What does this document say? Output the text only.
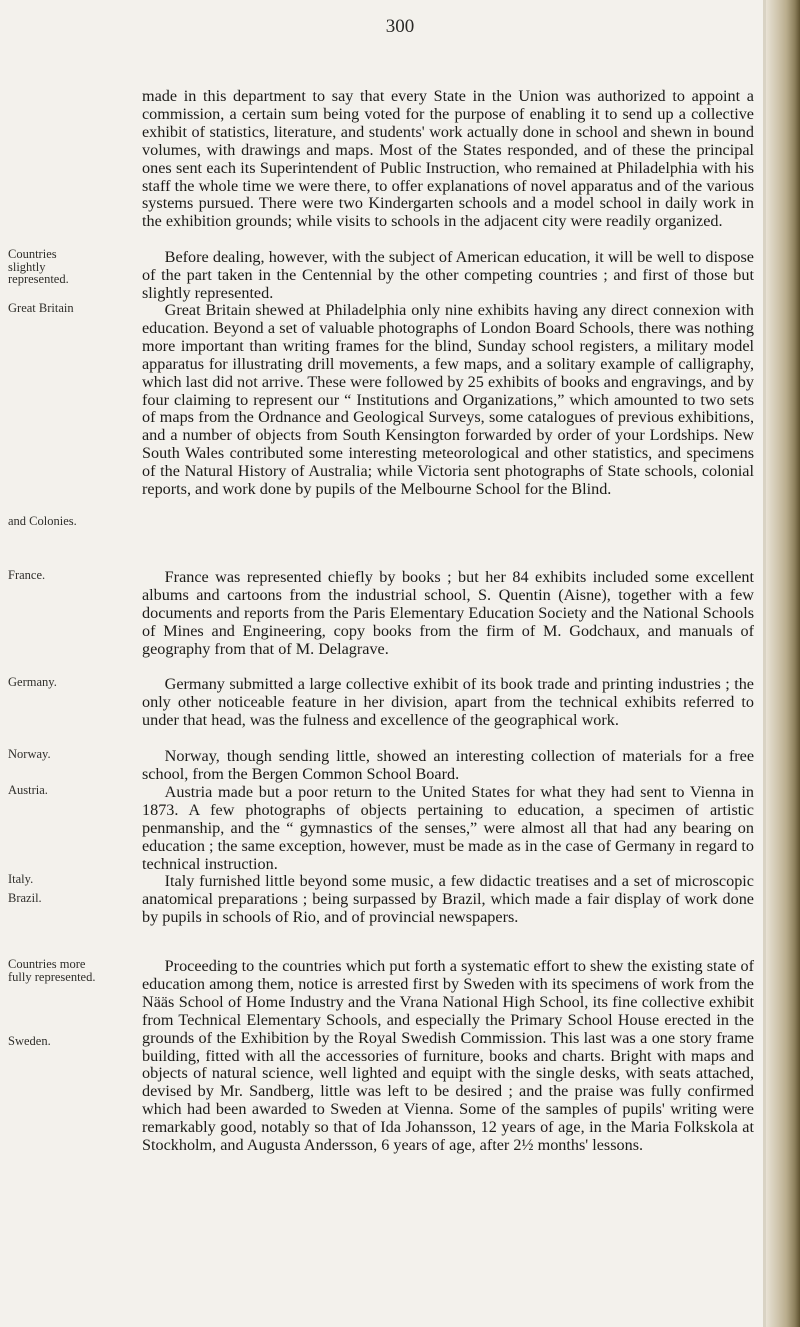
300

made in this department to say that every State in the Union was authorized to appoint a commission, a certain sum being voted for the purpose of enabling it to send up a collective exhibit of statistics, literature, and students' work actually done in school and shewn in bound volumes, with drawings and maps. Most of the States responded, and of these the principal ones sent each its Superintendent of Public Instruction, who remained at Philadelphia with his staff the whole time we were there, to offer explanations of novel apparatus and of the various systems pursued. There were two Kindergarten schools and a model school in daily work in the exhibition grounds; while visits to schools in the adjacent city were readily organized.

Countries slightly represented.

Before dealing, however, with the subject of American education, it will be well to dispose of the part taken in the Centennial by the other competing countries ; and first of those but slightly represented.

Great Britain	Great Britain shewed at Philadelphia only nine exhibits having any direct connexion with education. Beyond a set of valuable photographs of London Board Schools, there was nothing more important than writing frames for the blind, Sunday school registers, a military model apparatus for illustrating drill movements, a few maps, and a solitary example of calligraphy, which last did not arrive. These were followed by 25 exhibits of books and engravings, and by four claiming to represent our “ Institutions and Organizations,” which amounted to two sets of maps from the Ordnance and Geological Surveys, some catalogues of previous exhibitions, and a number of objects from South Kensington forwarded by order of your Lordships. New South Wales contributed some interesting meteorological and other statistics, and specimens of the Natural History of Australia; while Victoria sent photographs of State schools, colonial reports, and work done by pupils of the Melbourne School for the Blind.

and Colonies.

France.	France was represented chiefly by books ; but her 84 exhibits included some excellent albums and cartoons from the industrial school, S. Quentin (Aisne), together with a few documents and reports from the Paris Elementary Education Society and the National Schools of Mines and Engineering, copy books from the firm of M. Godchaux, and manuals of geography from that of M. Delagrave.

Germany.	Germany submitted a large collective exhibit of its book trade and printing industries ; the only other noticeable feature in her division, apart from the technical exhibits referred to under that head, was the fulness and excellence of the geographical work.

Norway.	Norway, though sending little, showed an interesting collection of materials for a free school, from the Bergen Common School Board.

Austria.	Austria made but a poor return to the United States for what they had sent to Vienna in 1873. A few photographs of objects pertaining to education, a specimen of artistic penmanship, and the “ gymnastics of the senses,” were almost all that had any bearing on education ; the same exception, however, must be made as in the case of Germany in regard to technical instruction.

Italy.

Brazil.

Italy furnished little beyond some music, a few didactic treatises and a set of microscopic anatomical preparations ; being surpassed by Brazil, which made a fair display of work done by pupils in schools of Rio, and of provincial newspapers.

Countries more fully represented.

Sweden.

Proceeding to the countries which put forth a systematic effort to shew the existing state of education among them, notice is arrested first by Sweden with its specimens of work from the Nääs School of Home Industry and the Vrana National High School, its fine collective exhibit from Technical Elementary Schools, and especially the Primary School House erected in the grounds of the Exhibition by the Royal Swedish Commission. This last was a one story frame building, fitted with all the accessories of furniture, books and charts. Bright with maps and objects of natural science, well lighted and equipt with the single desks, with seats attached, devised by Mr. Sandberg, little was left to be desired ; and the praise was fully confirmed which had been awarded to Sweden at Vienna. Some of the samples of pupils' writing were remarkably good, notably so that of Ida Johansson, 12 years of age, in the Maria Folkskola at Stockholm, and Augusta Andersson, 6 years of age, after 2½ months' lessons.
